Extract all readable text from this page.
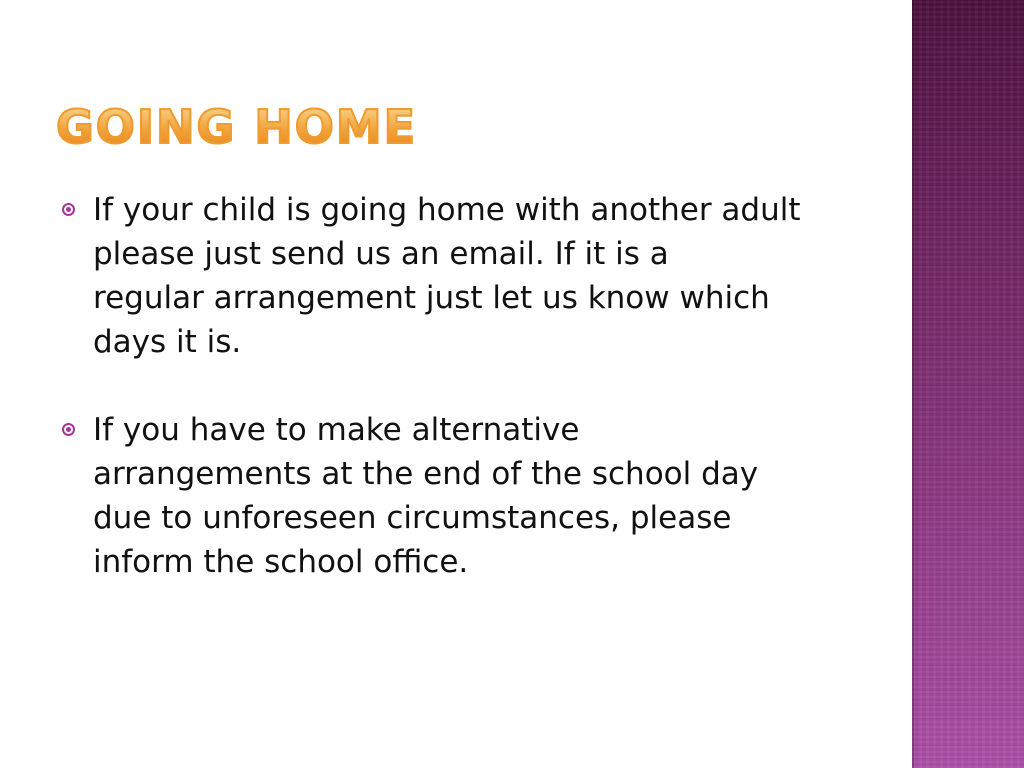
GOING HOME
If your child is going home with another adult
please just send us an email. If it is a
regular arrangement just let us know which
days it is.
If you have to make alternative
arrangements at the end of the school day
due to unforeseen circumstances, please
inform the school office.
